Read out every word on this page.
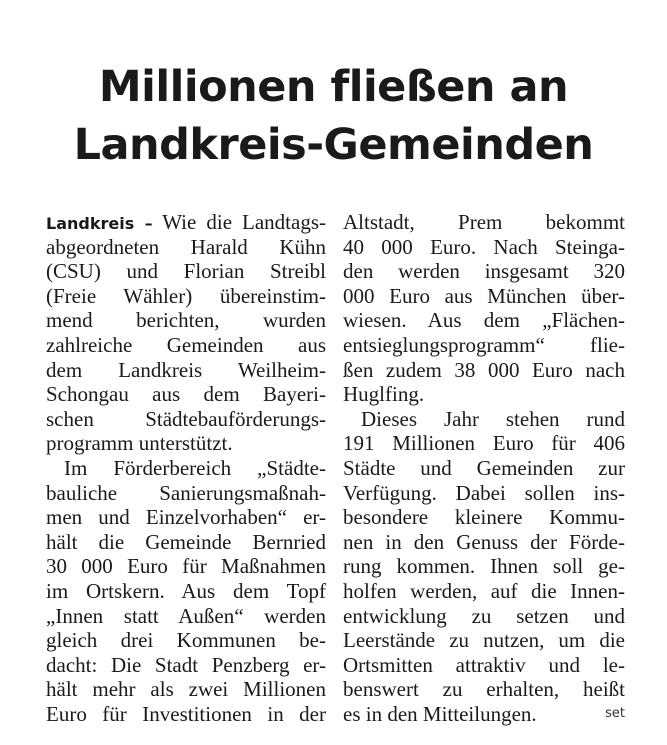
Millionen fließen an
Landkreis-Gemeinden
Landkreis – Wie die Landtags-
abgeordneten Harald Kühn
(CSU) und Florian Streibl
(Freie Wähler) übereinstim-
mend berichten, wurden
zahlreiche Gemeinden aus
dem Landkreis Weilheim-
Schongau aus dem Bayeri-
schen Städtebauförderungs-
programm unterstützt.
Im Förderbereich „Städte-
bauliche Sanierungsmaßnah-
men und Einzelvorhaben“ er-
hält die Gemeinde Bernried
30 000 Euro für Maßnahmen
im Ortskern. Aus dem Topf
„Innen statt Außen“ werden
gleich drei Kommunen be-
dacht: Die Stadt Penzberg er-
hält mehr als zwei Millionen
Euro für Investitionen in der
Altstadt, Prem bekommt
40 000 Euro. Nach Steinga-
den werden insgesamt 320
000 Euro aus München über-
wiesen. Aus dem „Flächen-
entsieglungsprogramm“ flie-
ßen zudem 38 000 Euro nach
Huglfing.
Dieses Jahr stehen rund
191 Millionen Euro für 406
Städte und Gemeinden zur
Verfügung. Dabei sollen ins-
besondere kleinere Kommu-
nen in den Genuss der Förde-
rung kommen. Ihnen soll ge-
holfen werden, auf die Innen-
entwicklung zu setzen und
Leerstände zu nutzen, um die
Ortsmitten attraktiv und le-
benswert zu erhalten, heißt
es in den Mitteilungen.	set
